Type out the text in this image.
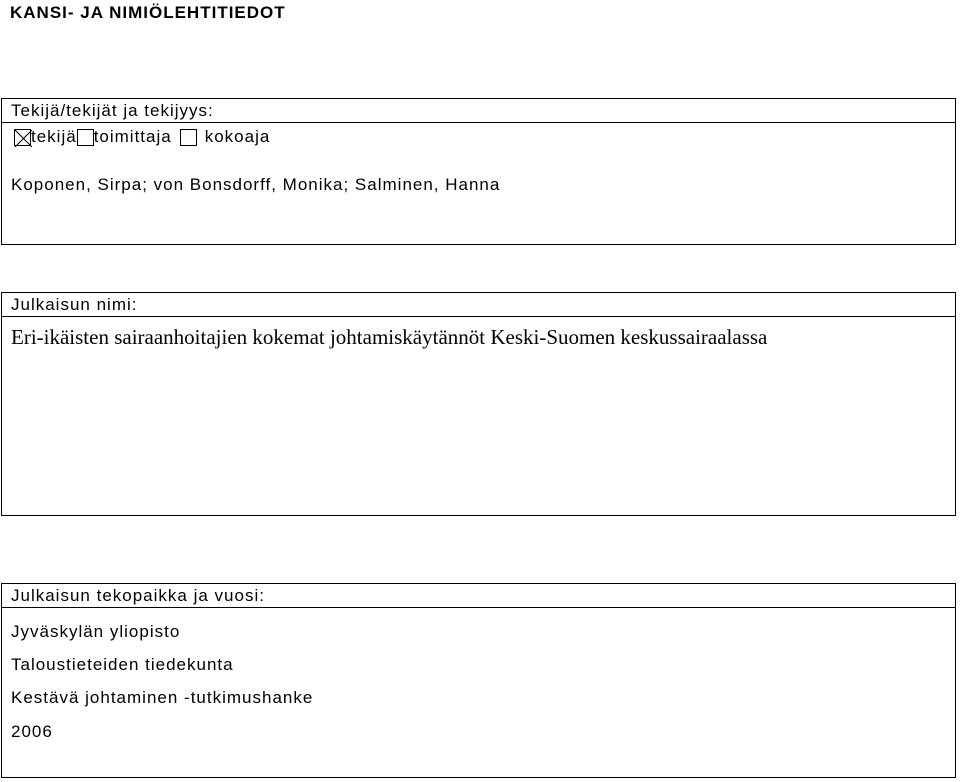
KANSI- JA NIMIÖLEHTITIEDOT
Tekijä/tekijät ja tekijyys:
tekijä toimittaja kokoaja
Koponen, Sirpa; von Bonsdorff, Monika; Salminen, Hanna
Julkaisun nimi:
Eri-ikäisten sairaanhoitajien kokemat johtamiskäytännöt Keski-Suomen keskussairaalassa
Julkaisun tekopaikka ja vuosi:
Jyväskylän yliopisto
Taloustieteiden tiedekunta
Kestävä johtaminen -tutkimushanke
2006
